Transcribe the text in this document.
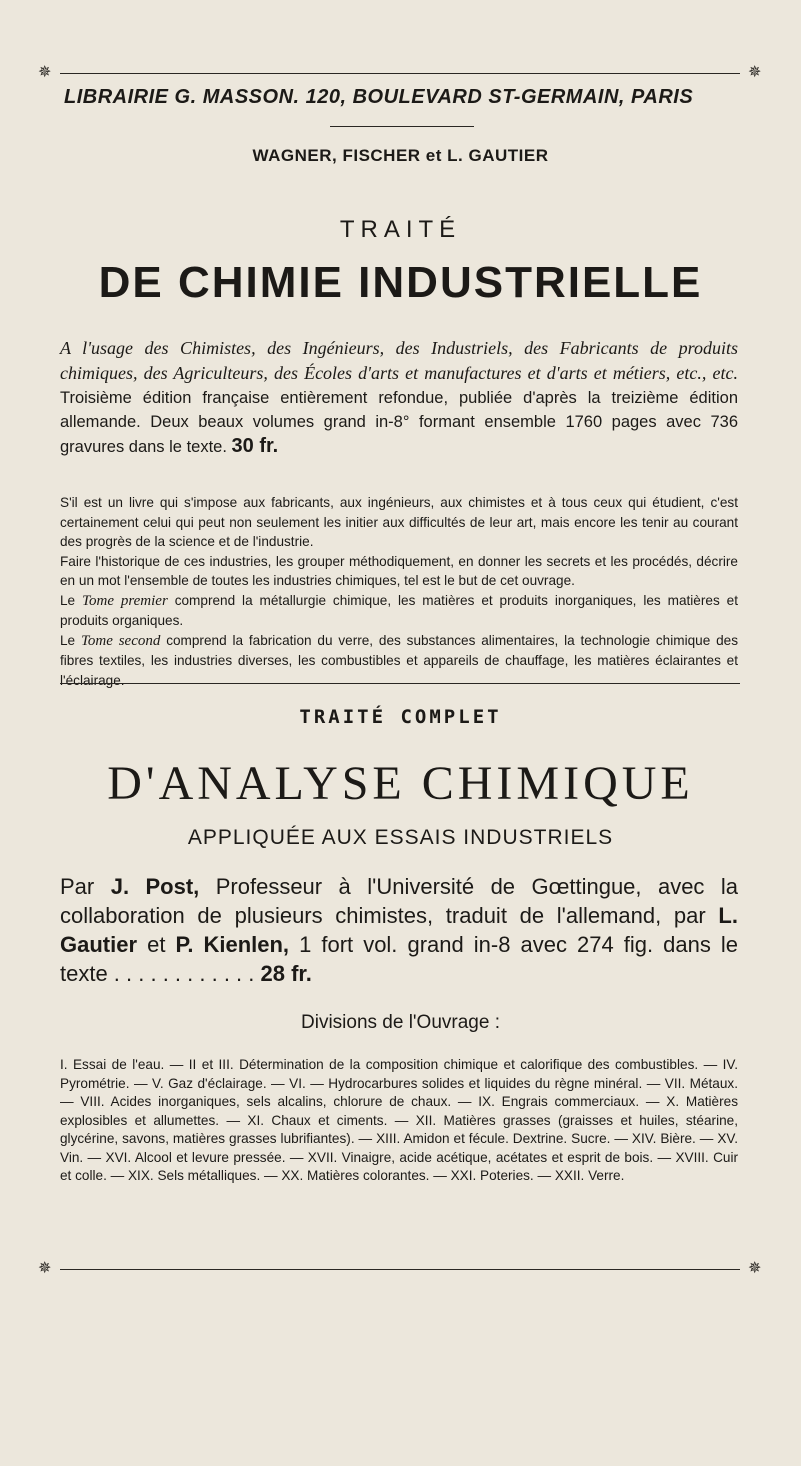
✵	✵
LIBRAIRIE G. MASSON. 120, BOULEVARD ST-GERMAIN, PARIS
WAGNER, FISCHER et L. GAUTIER
TRAITÉ
DE CHIMIE INDUSTRIELLE
A l'usage des Chimistes, des Ingénieurs, des Industriels, des Fabricants de produits chimiques, des Agriculteurs, des Écoles d'arts et manufactures et d'arts et métiers, etc., etc. Troisième édition française entièrement refondue, publiée d'après la treizième édition allemande. Deux beaux volumes grand in-8° formant ensemble 1760 pages avec 736 gravures dans le texte. 30 fr.

S'il est un livre qui s'impose aux fabricants, aux ingénieurs, aux chimistes et à tous ceux qui étudient, c'est certainement celui qui peut non seulement les initier aux difficultés de leur art, mais encore les tenir au courant des progrès de la science et de l'industrie.

Faire l'historique de ces industries, les grouper méthodiquement, en donner les secrets et les procédés, décrire en un mot l'ensemble de toutes les industries chimiques, tel est le but de cet ouvrage.

Le Tome premier comprend la métallurgie chimique, les matières et produits inorganiques, les matières et produits organiques.

Le Tome second comprend la fabrication du verre, des substances alimentaires, la technologie chimique des fibres textiles, les industries diverses, les combustibles et appareils de chauffage, les matières éclairantes et l'éclairage.

TRAITÉ COMPLET
D'ANALYSE CHIMIQUE
APPLIQUÉE AUX ESSAIS INDUSTRIELS
Par J. Post, Professeur à l'Université de Gœttingue, avec la collaboration de plusieurs chimistes, traduit de l'allemand, par L. Gautier et P. Kienlen, 1 fort vol. grand in-8 avec 274 fig. dans le texte . . . . . . . . . . . . 28 fr.
Divisions de l'Ouvrage :
I. Essai de l'eau. — II et III. Détermination de la composition chimique et calorifique des combustibles. — IV. Pyrométrie. — V. Gaz d'éclairage. — VI. — Hydrocarbures solides et liquides du règne minéral. — VII. Métaux. — VIII. Acides inorganiques, sels alcalins, chlorure de chaux. — IX. Engrais commerciaux. — X. Matières explosibles et allumettes. — XI. Chaux et ciments. — XII. Matières grasses (graisses et huiles, stéarine, glycérine, savons, matières grasses lubrifiantes). — XIII. Amidon et fécule. Dextrine. Sucre. — XIV. Bière. — XV. Vin. — XVI. Alcool et levure pressée. — XVII. Vinaigre, acide acétique, acétates et esprit de bois. — XVIII. Cuir et colle. — XIX. Sels métalliques. — XX. Matières colorantes. — XXI. Poteries. — XXII. Verre.
✵	✵
